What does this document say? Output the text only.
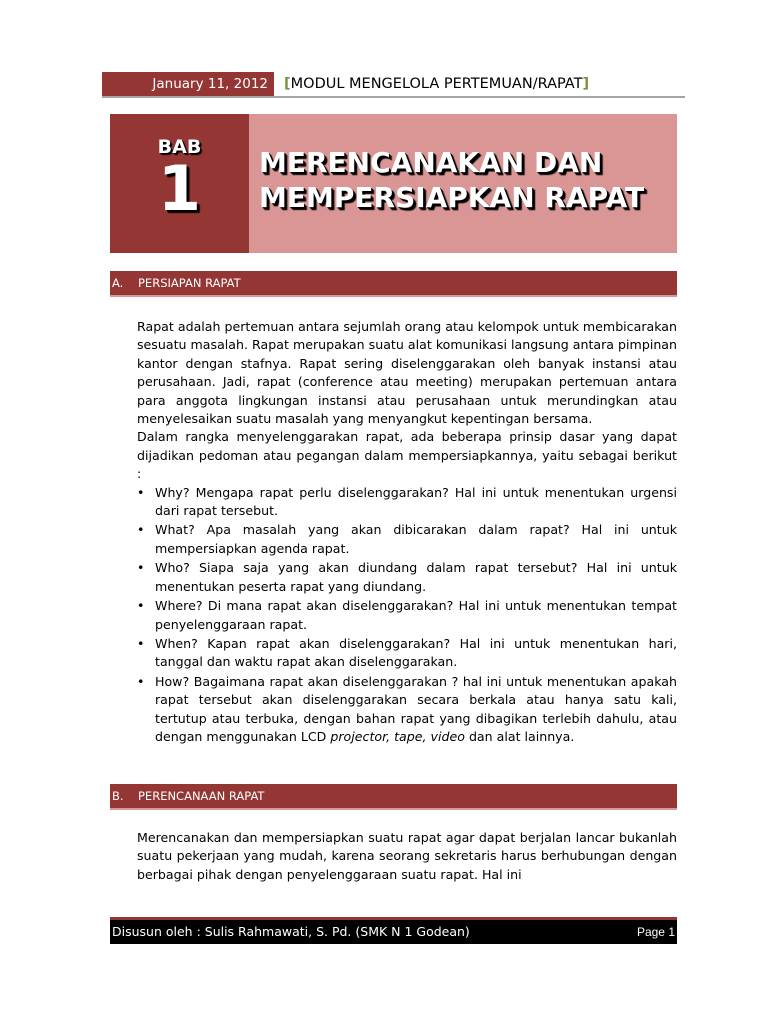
January 11, 2012	[MODUL MENGELOLA PERTEMUAN/RAPAT]
BAB
1	MERENCANAKAN DAN MEMPERSIAPKAN RAPAT
A. PERSIAPAN RAPAT

Rapat adalah pertemuan antara sejumlah orang atau kelompok untuk membicarakan sesuatu masalah. Rapat merupakan suatu alat komunikasi langsung antara pimpinan kantor dengan stafnya. Rapat sering diselenggarakan oleh banyak instansi atau perusahaan. Jadi, rapat (conference atau meeting) merupakan pertemuan antara para anggota lingkungan instansi atau perusahaan untuk merundingkan atau menyelesaikan suatu masalah yang menyangkut kepentingan bersama.

Dalam rangka menyelenggarakan rapat, ada beberapa prinsip dasar yang dapat dijadikan pedoman atau pegangan dalam mempersiapkannya, yaitu sebagai berikut :

• Why? Mengapa rapat perlu diselenggarakan? Hal ini untuk menentukan urgensi dari rapat tersebut.
• What? Apa masalah yang akan dibicarakan dalam rapat? Hal ini untuk mempersiapkan agenda rapat.
• Who? Siapa saja yang akan diundang dalam rapat tersebut? Hal ini untuk menentukan peserta rapat yang diundang.
• Where? Di mana rapat akan diselenggarakan? Hal ini untuk menentukan tempat penyelenggaraan rapat.
• When? Kapan rapat akan diselenggarakan? Hal ini untuk menentukan hari, tanggal dan waktu rapat akan diselenggarakan.
• How? Bagaimana rapat akan diselenggarakan ? hal ini untuk menentukan apakah rapat tersebut akan diselenggarakan secara berkala atau hanya satu kali, tertutup atau terbuka, dengan bahan rapat yang dibagikan terlebih dahulu, atau dengan menggunakan LCD projector, tape, video dan alat lainnya.
B. PERENCANAAN RAPAT

Merencanakan dan mempersiapkan suatu rapat agar dapat berjalan lancar bukanlah suatu pekerjaan yang mudah, karena seorang sekretaris harus berhubungan dengan berbagai pihak dengan penyelenggaraan suatu rapat. Hal ini

Disusun oleh : Sulis Rahmawati, S. Pd. (SMK N 1 Godean)	Page 1
